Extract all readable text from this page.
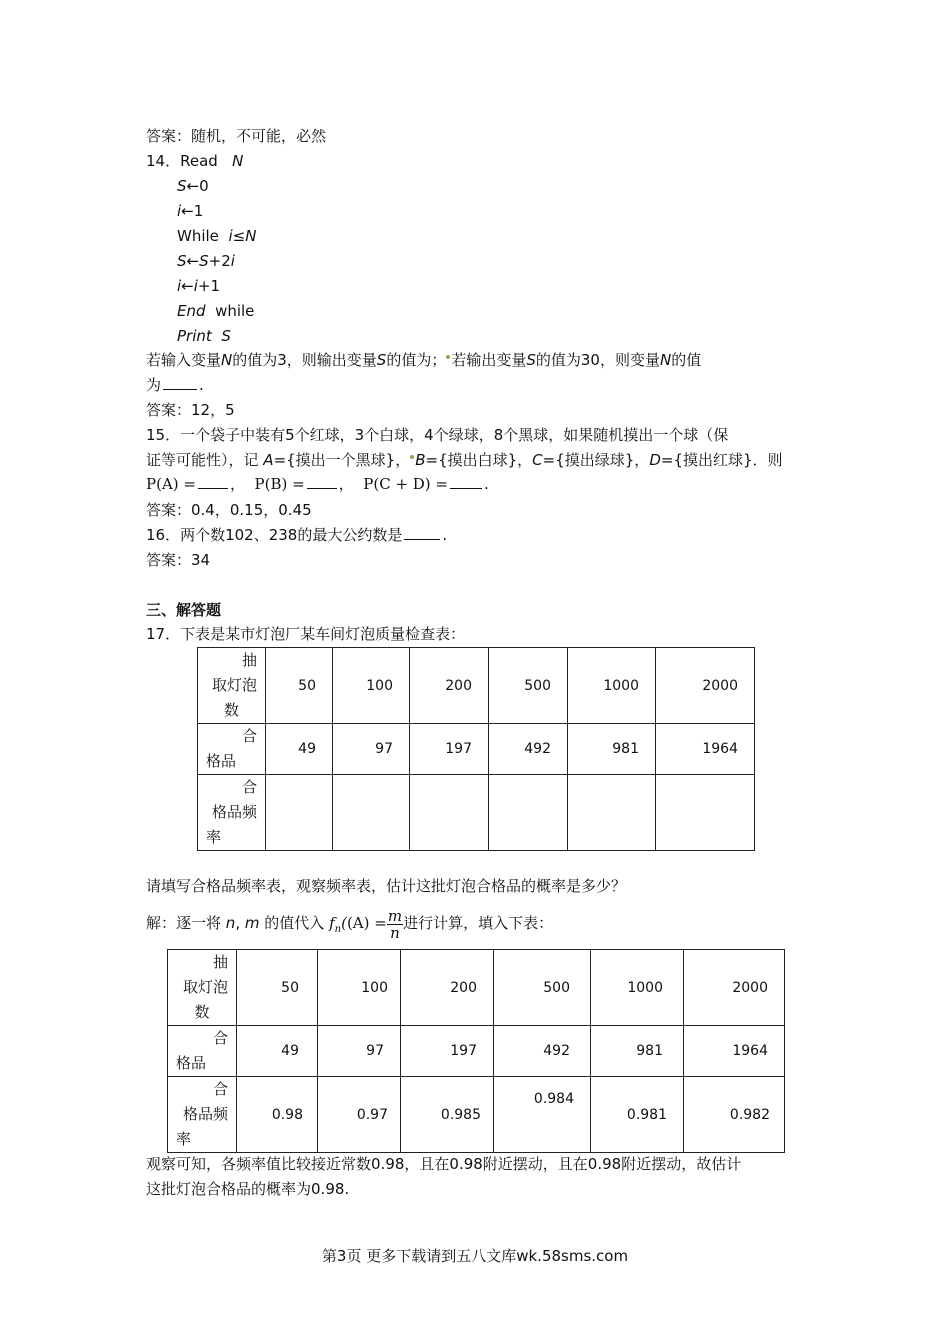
答案：随机，不可能，必然
14．Read N
S←0
i←1
While i≤N
S←S+2i
i←i+1
End while
Print S
若输入变量N的值为3，则输出变量S的值为； 若输出变量S的值为30，则变量N的值
为	.
答案：12，5
15．一个袋子中装有5个红球，3个白球，4个绿球，8个黑球，如果随机摸出一个球（保
证等可能性），记 A={摸出一个黑球}， B={摸出白球}，C={摸出绿球}，D={摸出红球}．则
P(A) = ， P(B) = ， P(C + D) = .
答案：0.4，0.15，0.45
16．两个数102、238的最大公约数是	.
答案：34
三、解答题
17．下表是某市灯泡厂某车间灯泡质量检查表：
抽
取灯泡
数	50	100	200	500	1000	2000
合
格品	49	97	197	492	981	1964
合
格品频
率						
请填写合格品频率表，观察频率表，估计这批灯泡合格品的概率是多少？
解：逐一将 n, m 的值代入 $f_n((A) = \frac{m}{n}$ 进行计算，填入下表：
抽
取灯泡
数	50	100	200	500	1000	2000
合
格品	49	97	197	492	981	1964
合
格品频
率	0.98	0.97	0.985	0.984	0.981	0.982
观察可知，各频率值比较接近常数0.98，且在0.98附近摆动，且在0.98附近摆动，故估计
这批灯泡合格品的概率为0.98.
第3页 更多下载请到五八文库wk.58sms.com
